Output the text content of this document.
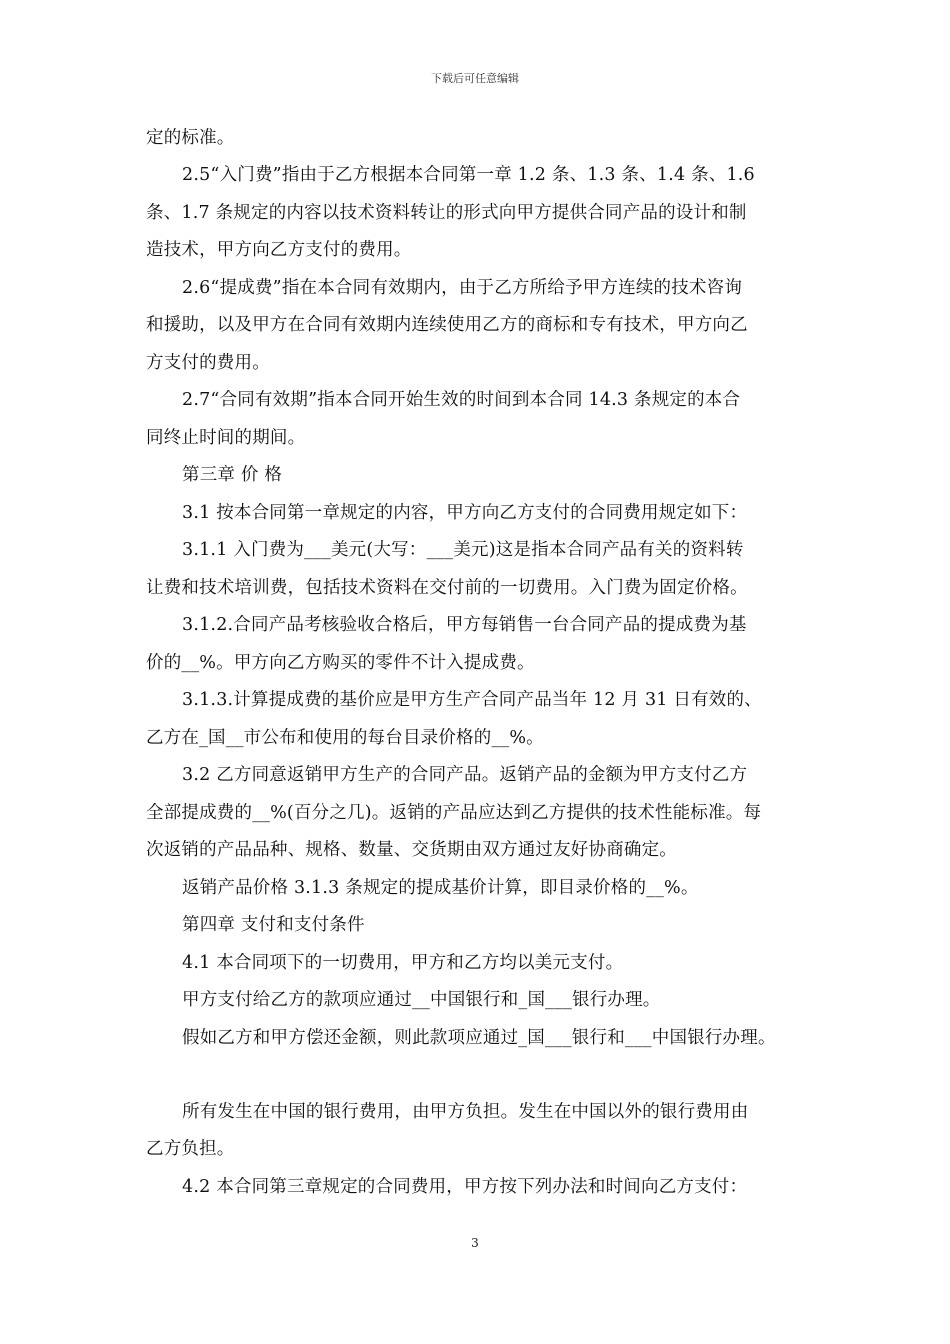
下载后可任意编辑
定的标准。
2.5“入门费”指由于乙方根据本合同第一章 1.2 条、1.3 条、1.4 条、1.6
条、1.7 条规定的内容以技术资料转让的形式向甲方提供合同产品的设计和制
造技术，甲方向乙方支付的费用。
2.6“提成费”指在本合同有效期内，由于乙方所给予甲方连续的技术咨询
和援助，以及甲方在合同有效期内连续使用乙方的商标和专有技术，甲方向乙
方支付的费用。
2.7“合同有效期”指本合同开始生效的时间到本合同 14.3 条规定的本合
同终止时间的期间。
第三章 价 格
3.1 按本合同第一章规定的内容，甲方向乙方支付的合同费用规定如下：
3.1.1 入门费为___美元(大写：___美元)这是指本合同产品有关的资料转
让费和技术培训费，包括技术资料在交付前的一切费用。入门费为固定价格。
3.1.2.合同产品考核验收合格后，甲方每销售一台合同产品的提成费为基
价的__%。甲方向乙方购买的零件不计入提成费。
3.1.3.计算提成费的基价应是甲方生产合同产品当年 12 月 31 日有效的、
乙方在_国__市公布和使用的每台目录价格的__%。
3.2 乙方同意返销甲方生产的合同产品。返销产品的金额为甲方支付乙方
全部提成费的__%(百分之几)。返销的产品应达到乙方提供的技术性能标准。每
次返销的产品品种、规格、数量、交货期由双方通过友好协商确定。
返销产品价格 3.1.3 条规定的提成基价计算，即目录价格的__%。
第四章 支付和支付条件
4.1 本合同项下的一切费用，甲方和乙方均以美元支付。
甲方支付给乙方的款项应通过__中国银行和_国___银行办理。
假如乙方和甲方偿还金额，则此款项应通过_国___银行和___中国银行办理。
所有发生在中国的银行费用，由甲方负担。发生在中国以外的银行费用由
乙方负担。
4.2 本合同第三章规定的合同费用，甲方按下列办法和时间向乙方支付：
3
